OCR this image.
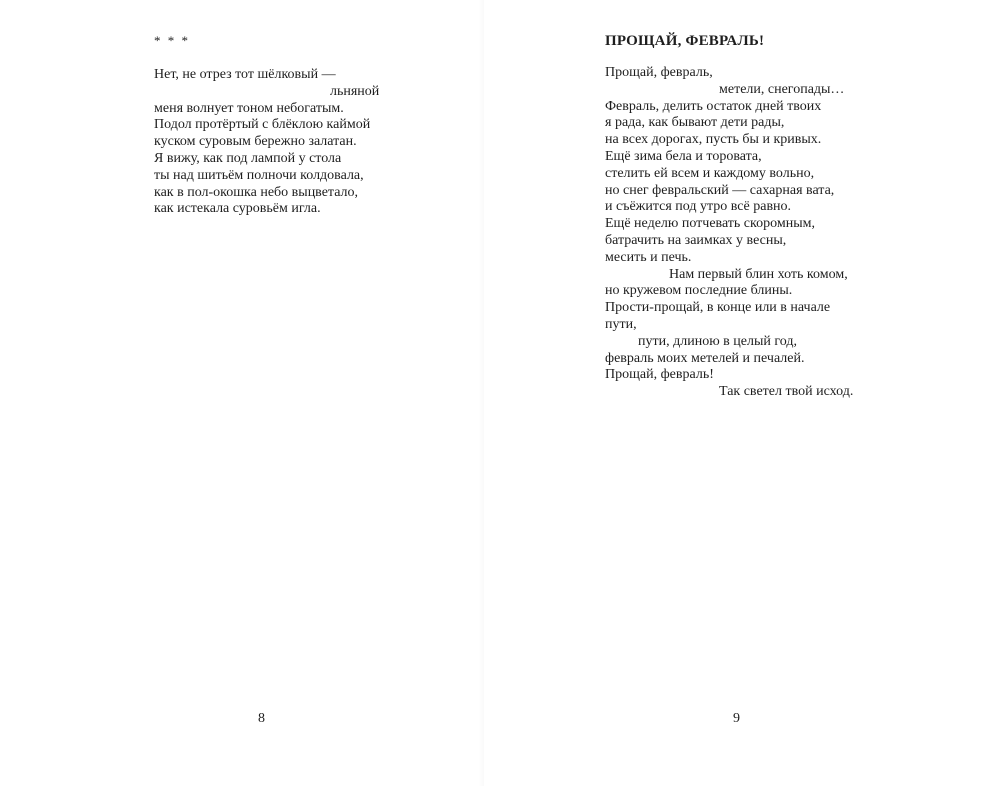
* * *

Нет, не отрез тот шёлковый —
льняной
меня волнует тоном небогатым.
Подол протёртый с блёклою каймой
куском суровым бережно залатан.
Я вижу, как под лампой у стола
ты над шитьём полночи колдовала,
как в пол-окошка небо выцветало,
как истекала суровьём игла.

8

ПРОЩАЙ, ФЕВРАЛЬ!
Прощай, февраль,
метели, снегопады…
Февраль, делить остаток дней твоих
я рада, как бывают дети рады,
на всех дорогах, пусть бы и кривых.
Ещё зима бела и торовата,
стелить ей всем и каждому вольно,
но снег февральский — сахарная вата,
и съёжится под утро всё равно.
Ещё неделю потчевать скоромным,
батрачить на заимках у весны,
месить и печь.
Нам первый блин хоть комом,
но кружевом последние блины.
Прости-прощай, в конце или в начале
пути,
пути, длиною в целый год,
февраль моих метелей и печалей.
Прощай, февраль!
Так светел твой исход.

9
